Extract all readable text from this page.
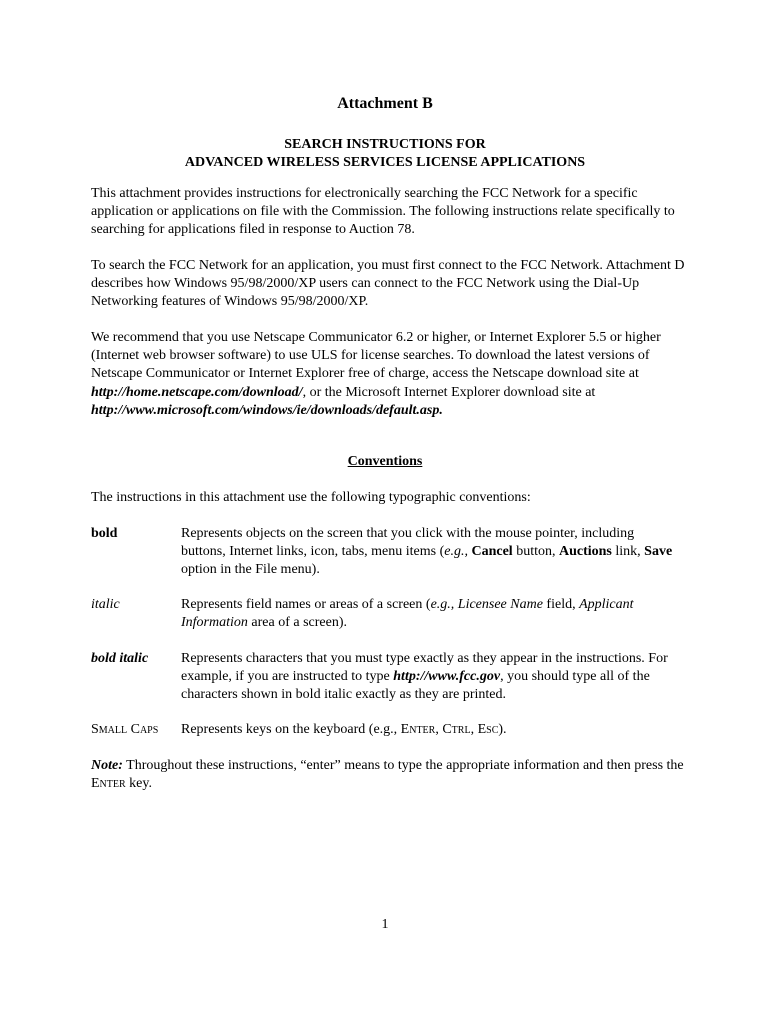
Attachment B
SEARCH INSTRUCTIONS FOR
ADVANCED WIRELESS SERVICES LICENSE APPLICATIONS

This attachment provides instructions for electronically searching the FCC Network for a specific application or applications on file with the Commission. The following instructions relate specifically to searching for applications filed in response to Auction 78.

To search the FCC Network for an application, you must first connect to the FCC Network. Attachment D describes how Windows 95/98/2000/XP users can connect to the FCC Network using the Dial-Up Networking features of Windows 95/98/2000/XP.

We recommend that you use Netscape Communicator 6.2 or higher, or Internet Explorer 5.5 or higher (Internet web browser software) to use ULS for license searches. To download the latest versions of Netscape Communicator or Internet Explorer free of charge, access the Netscape download site at http://home.netscape.com/download/, or the Microsoft Internet Explorer download site at http://www.microsoft.com/windows/ie/downloads/default.asp.

Conventions

The instructions in this attachment use the following typographic conventions:

bold	Represents objects on the screen that you click with the mouse pointer, including buttons, Internet links, icon, tabs, menu items (e.g., Cancel button, Auctions link, Save option in the File menu).
italic	Represents field names or areas of a screen (e.g., Licensee Name field, Applicant Information area of a screen).
bold italic	Represents characters that you must type exactly as they appear in the instructions. For example, if you are instructed to type http://www.fcc.gov, you should type all of the characters shown in bold italic exactly as they are printed.
Small Caps	Represents keys on the keyboard (e.g., Enter, Ctrl, Esc).

Note: Throughout these instructions, “enter” means to type the appropriate information and then press the Enter key.

1
